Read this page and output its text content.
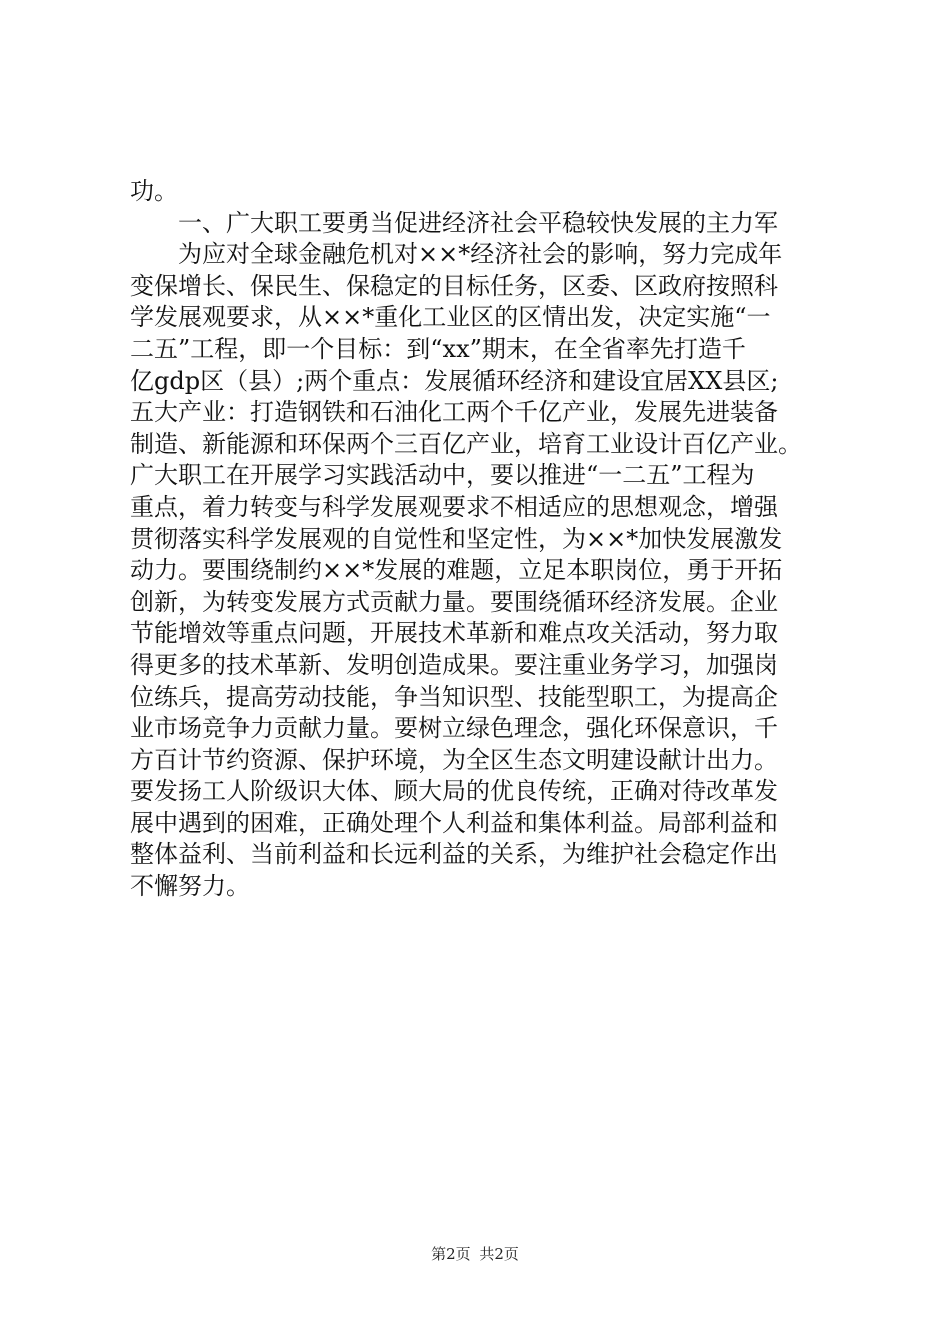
功。
一、广大职工要勇当促进经济社会平稳较快发展的主力军
为应对全球金融危机对××*经济社会的影响，努力完成年
变保增长、保民生、保稳定的目标任务，区委、区政府按照科
学发展观要求，从××*重化工业区的区情出发，决定实施“一
二五”工程，即一个目标：到“xx”期末，在全省率先打造千
亿gdp区（县）;两个重点：发展循环经济和建设宜居XX县区;
五大产业：打造钢铁和石油化工两个千亿产业，发展先进装备
制造、新能源和环保两个三百亿产业，培育工业设计百亿产业。
广大职工在开展学习实践活动中，要以推进“一二五”工程为
重点，着力转变与科学发展观要求不相适应的思想观念，增强
贯彻落实科学发展观的自觉性和坚定性，为××*加快发展激发
动力。要围绕制约××*发展的难题，立足本职岗位，勇于开拓
创新，为转变发展方式贡献力量。要围绕循环经济发展。企业
节能增效等重点问题，开展技术革新和难点攻关活动，努力取
得更多的技术革新、发明创造成果。要注重业务学习，加强岗
位练兵，提高劳动技能，争当知识型、技能型职工，为提高企
业市场竞争力贡献力量。要树立绿色理念，强化环保意识，千
方百计节约资源、保护环境，为全区生态文明建设献计出力。
要发扬工人阶级识大体、顾大局的优良传统，正确对待改革发
展中遇到的困难，正确处理个人利益和集体利益。局部利益和
整体益利、当前利益和长远利益的关系，为维护社会稳定作出
不懈努力。
第2页 共2页
